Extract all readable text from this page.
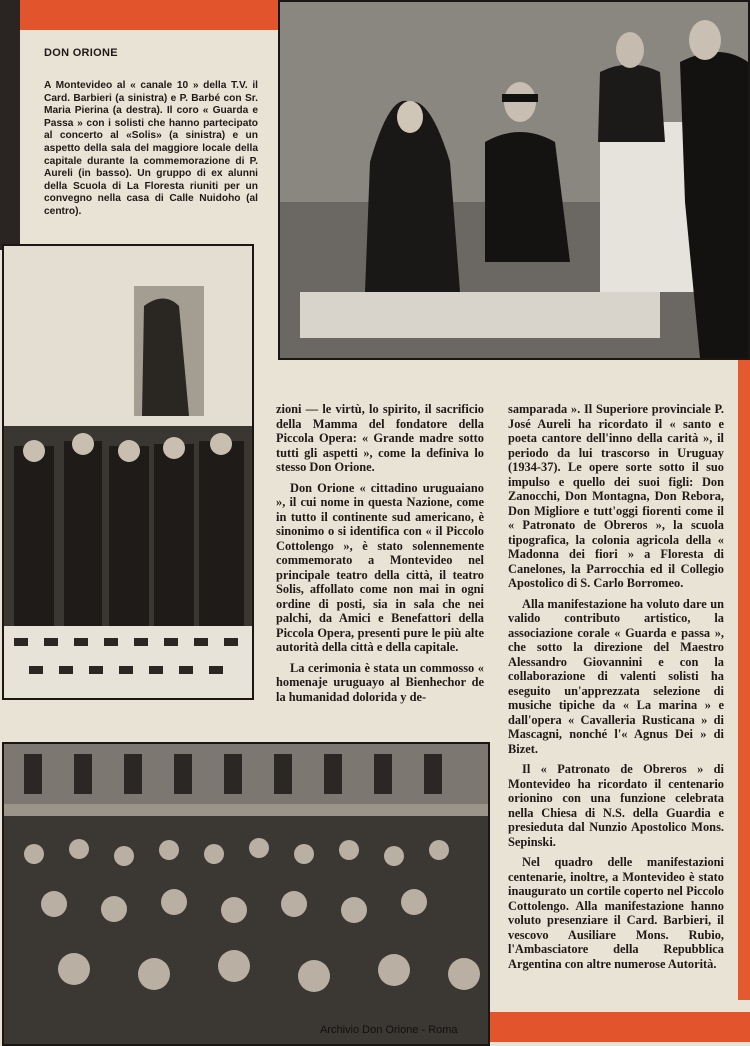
DON ORIONE
A Montevideo al « canale 10 » della T.V. il Card. Barbieri (a sinistra) e P. Barbé con Sr. Maria Pierina (a destra). Il coro « Guarda e Passa » con i solisti che hanno partecipato al concerto al «Solis» (a sinistra) e un aspetto della sala del maggiore locale della capitale durante la commemorazione di P. Aureli (in basso). Un gruppo di ex alunni della Scuola di La Floresta riuniti per un convegno nella casa di Calle Nuidoho (al centro).

zioni — le virtù, lo spirito, il sacrificio della Mamma del fondatore della Piccola Opera: « Grande madre sotto tutti gli aspetti », come la definiva lo stesso Don Orione.

Don Orione « cittadino uruguaiano », il cui nome in questa Nazione, come in tutto il continente sud americano, è sinonimo o si identifica con « il Piccolo Cottolengo », è stato solennemente commemorato a Montevideo nel principale teatro della città, il teatro Solis, affollato come non mai in ogni ordine di posti, sia in sala che nei palchi, da Amici e Benefattori della Piccola Opera, presenti pure le più alte autorità della città e della capitale.

La cerimonia è stata un commosso « homenaje uruguayo al Bienhechor de la humanidad dolorida y de-

samparada ». Il Superiore provinciale P. José Aureli ha ricordato il « santo e poeta cantore dell'inno della carità », il periodo da lui trascorso in Uruguay (1934-37). Le opere sorte sotto il suo impulso e quello dei suoi figli: Don Zanocchi, Don Montagna, Don Rebora, Don Migliore e tutt'oggi fiorenti come il « Patronato de Obreros », la scuola tipografica, la colonia agricola della « Madonna dei fiori » a Floresta di Canelones, la Parrocchia ed il Collegio Apostolico di S. Carlo Borromeo.

Alla manifestazione ha voluto dare un valido contributo artistico, la associazione corale « Guarda e passa », che sotto la direzione del Maestro Alessandro Giovannini e con la collaborazione di valenti solisti ha eseguito un'apprezzata selezione di musiche tipiche da « La marina » e dall'opera « Cavalleria Rusticana » di Mascagni, nonché l'« Agnus Dei » di Bizet.

Il « Patronato de Obreros » di Montevideo ha ricordato il centenario orionino con una funzione celebrata nella Chiesa di N.S. della Guardia e presieduta dal Nunzio Apostolico Mons. Sepinski.

Nel quadro delle manifestazioni centenarie, inoltre, a Montevideo è stato inaugurato un cortile coperto nel Piccolo Cottolengo. Alla manifestazione hanno voluto presenziare il Card. Barbieri, il vescovo Ausiliare Mons. Rubio, l'Ambasciatore della Repubblica Argentina con altre numerose Autorità.

Archivio Don Orione - Roma
